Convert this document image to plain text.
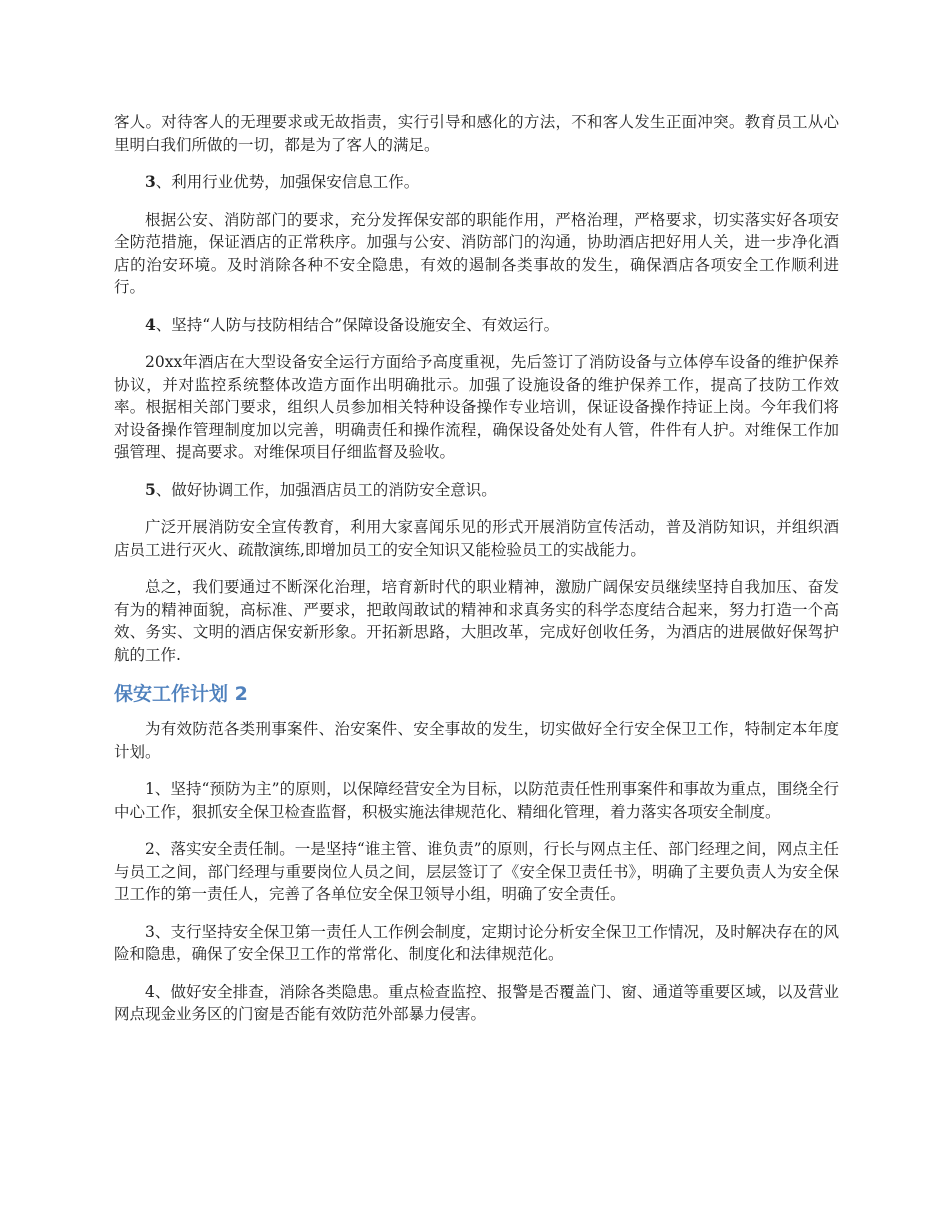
客人。对待客人的无理要求或无故指责，实行引导和感化的方法，不和客人发生正面冲突。教育员工从心里明白我们所做的一切，都是为了客人的满足。

3、利用行业优势，加强保安信息工作。

根据公安、消防部门的要求，充分发挥保安部的职能作用，严格治理，严格要求，切实落实好各项安全防范措施，保证酒店的正常秩序。加强与公安、消防部门的沟通，协助酒店把好用人关，进一步净化酒店的治安环境。及时消除各种不安全隐患，有效的遏制各类事故的发生，确保酒店各项安全工作顺利进行。

4、坚持“人防与技防相结合”保障设备设施安全、有效运行。

20xx年酒店在大型设备安全运行方面给予高度重视，先后签订了消防设备与立体停车设备的维护保养协议，并对监控系统整体改造方面作出明确批示。加强了设施设备的维护保养工作，提高了技防工作效率。根据相关部门要求，组织人员参加相关特种设备操作专业培训，保证设备操作持证上岗。今年我们将对设备操作管理制度加以完善，明确责任和操作流程，确保设备处处有人管，件件有人护。对维保工作加强管理、提高要求。对维保项目仔细监督及验收。

5、做好协调工作，加强酒店员工的消防安全意识。

广泛开展消防安全宣传教育，利用大家喜闻乐见的形式开展消防宣传活动，普及消防知识，并组织酒店员工进行灭火、疏散演练,即增加员工的安全知识又能检验员工的实战能力。

总之，我们要通过不断深化治理，培育新时代的职业精神，激励广阔保安员继续坚持自我加压、奋发有为的精神面貌，高标准、严要求，把敢闯敢试的精神和求真务实的科学态度结合起来，努力打造一个高效、务实、文明的酒店保安新形象。开拓新思路，大胆改革，完成好创收任务，为酒店的进展做好保驾护航的工作.

保安工作计划 2

为有效防范各类刑事案件、治安案件、安全事故的发生，切实做好全行安全保卫工作，特制定本年度计划。

1、坚持“预防为主”的原则，以保障经营安全为目标，以防范责任性刑事案件和事故为重点，围绕全行中心工作，狠抓安全保卫检查监督，积极实施法律规范化、精细化管理，着力落实各项安全制度。

2、落实安全责任制。一是坚持“谁主管、谁负责”的原则，行长与网点主任、部门经理之间，网点主任与员工之间，部门经理与重要岗位人员之间，层层签订了《安全保卫责任书》，明确了主要负责人为安全保卫工作的第一责任人，完善了各单位安全保卫领导小组，明确了安全责任。

3、支行坚持安全保卫第一责任人工作例会制度，定期讨论分析安全保卫工作情况，及时解决存在的风险和隐患，确保了安全保卫工作的常常化、制度化和法律规范化。

4、做好安全排查，消除各类隐患。重点检查监控、报警是否覆盖门、窗、通道等重要区域，以及营业网点现金业务区的门窗是否能有效防范外部暴力侵害。
